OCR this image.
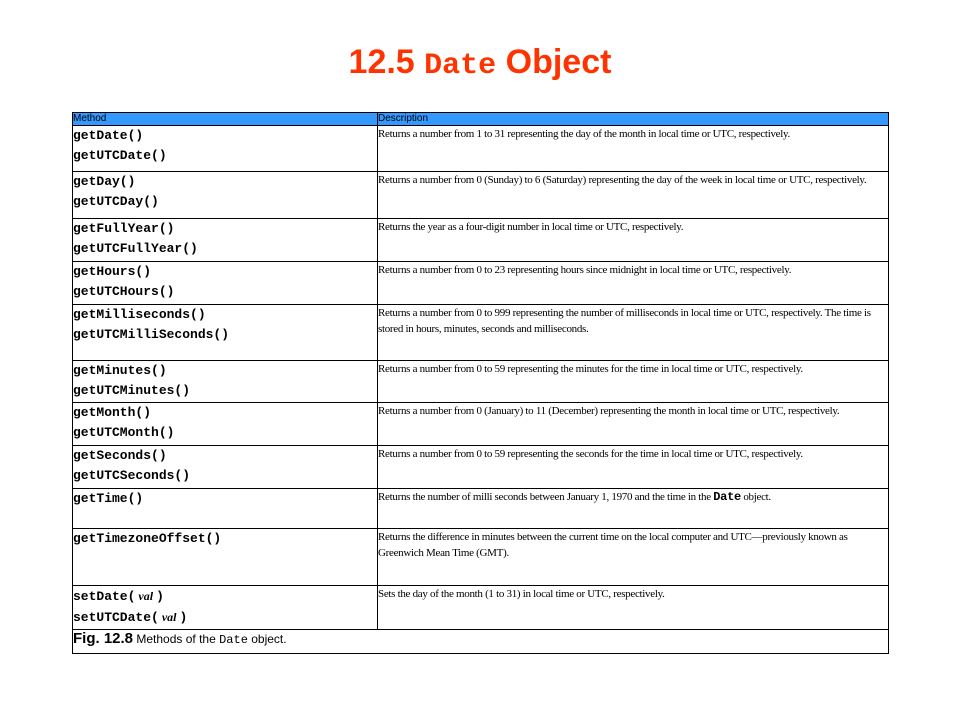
12.5 Date Object
Method	Description

getDate()
getUTCDate()	Returns a number from 1 to 31 representing the day of the month in local time or UTC, respectively.

getDay()
getUTCDay()	Returns a number from 0 (Sunday) to 6 (Saturday) representing the day of the week in local time or UTC, respectively.

getFullYear()
getUTCFullYear()	Returns the year as a four-digit number in local time or UTC, respectively.

getHours()
getUTCHours()	Returns a number from 0 to 23 representing hours since midnight in local time or UTC, respectively.

getMilliseconds()
getUTCMilliSeconds()	Returns a number from 0 to 999 representing the number of milliseconds in local time or UTC, respectively. The time is stored in hours, minutes, seconds and milliseconds.

getMinutes()
getUTCMinutes()	Returns a number from 0 to 59 representing the minutes for the time in local time or UTC, respectively.

getMonth()
getUTCMonth()	Returns a number from 0 (January) to 11 (December) representing the month in local time or UTC, respectively.

getSeconds()
getUTCSeconds()	Returns a number from 0 to 59 representing the seconds for the time in local time or UTC, respectively.

getTime()	Returns the number of milli seconds between January 1, 1970 and the time in the Date object.

getTimezoneOffset()	Returns the difference in minutes between the current time on the local computer and UTC—previously known as Greenwich Mean Time (GMT).

setDate( val )
setUTCDate( val )	Sets the day of the month (1 to 31) in local time or UTC, respectively.
Fig. 12.8 Methods of the Date object.	
